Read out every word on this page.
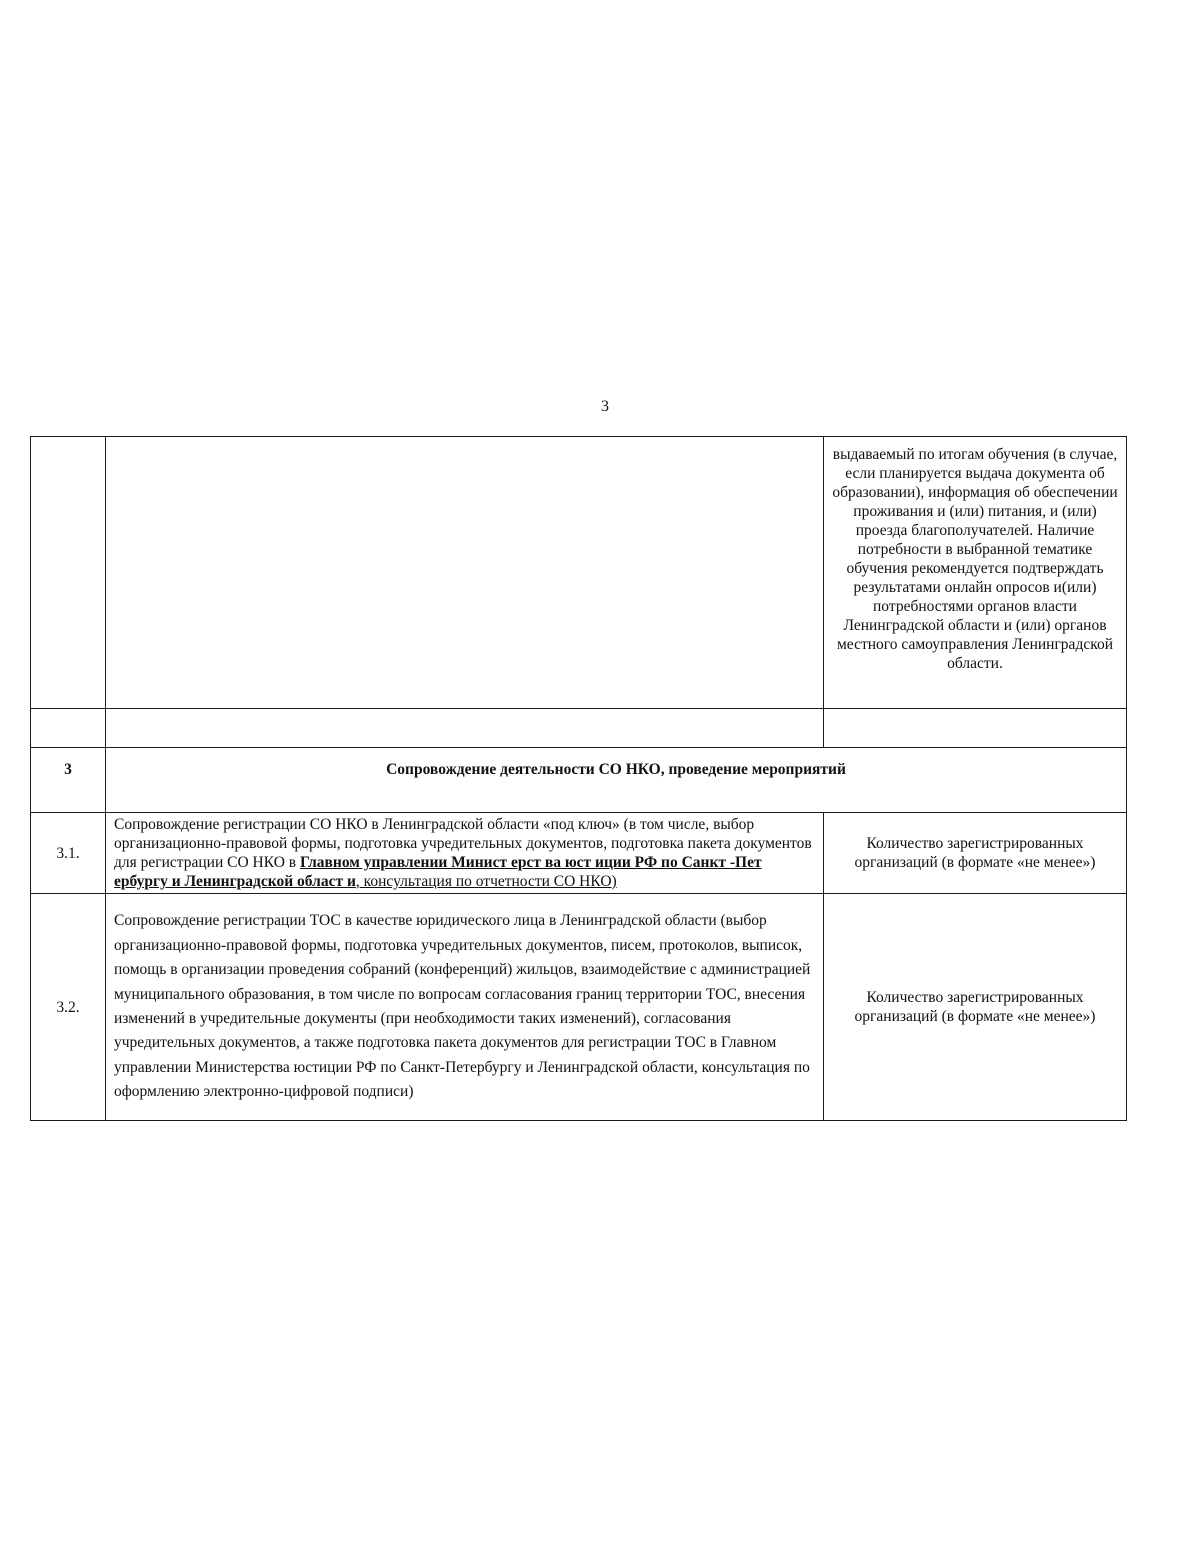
3
		выдаваемый по итогам обучения (в случае, если планируется выдача документа об образовании), информация об обеспечении проживания и (или) питания, и (или) проезда благополучателей. Наличие потребности в выбранной тематике обучения рекомендуется подтверждать результатами онлайн опросов и(или) потребностями органов власти Ленинградской области и (или) органов местного самоуправления Ленинградской области.

3	Сопровождение деятельности СО НКО, проведение мероприятий	
3.1.	Сопровождение регистрации СО НКО в Ленинградской области «под ключ» (в том числе, выбор организационно-правовой формы, подготовка учредительных документов, подготовка пакета документов для регистрации СО НКО в Главном управлении Минист ерст ва юст иции РФ по Санкт -Пет ербургу и Ленинградской област и, консультация по отчетности СО НКО)	Количество зарегистрированных организаций (в формате «не менее»)
3.2.	Сопровождение регистрации ТОС в качестве юридического лица в Ленинградской области (выбор организационно-правовой формы, подготовка учредительных документов, писем, протоколов, выписок, помощь в организации проведения собраний (конференций) жильцов, взаимодействие с администрацией муниципального образования, в том числе по вопросам согласования границ территории ТОС, внесения изменений в учредительные документы (при необходимости таких изменений), согласования учредительных документов, а также подготовка пакета документов для регистрации ТОС в Главном управлении Министерства юстиции РФ по Санкт-Петербургу и Ленинградской области, консультация по оформлению электронно-цифровой подписи)	Количество зарегистрированных организаций (в формате «не менее»)
